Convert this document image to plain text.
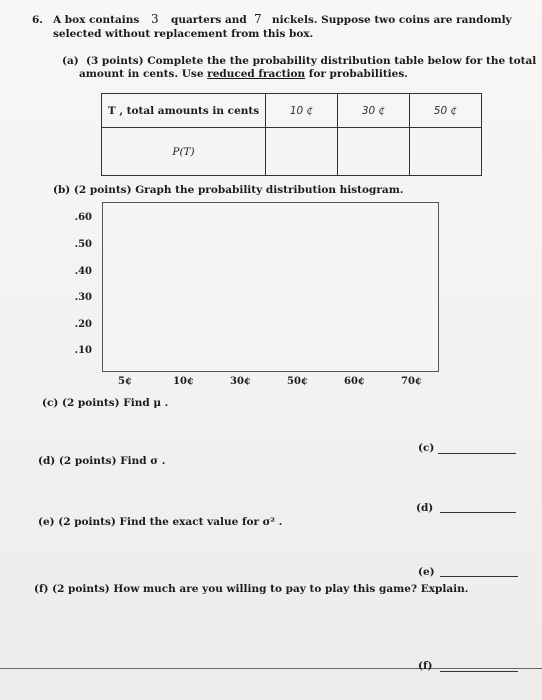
6. A box contains 3 quarters and 7 nickels. Suppose two coins are randomly
selected without replacement from this box.
(a) (3 points) Complete the the probability distribution table below for the total
amount in cents. Use reduced fraction for probabilities.
T , total amounts in cents	10 ¢	30 ¢	50 ¢
P(T)			
(b) (2 points) Graph the probability distribution histogram.
.60
.50
.40
.30
.20
.10
5¢	10¢	30¢	50¢	60¢	70¢
(c) (2 points) Find μ .
(c)
(d) (2 points) Find σ .
(d)
(e) (2 points) Find the exact value for σ² .
(e)
(f) (2 points) How much are you willing to pay to play this game? Explain.
(f)
